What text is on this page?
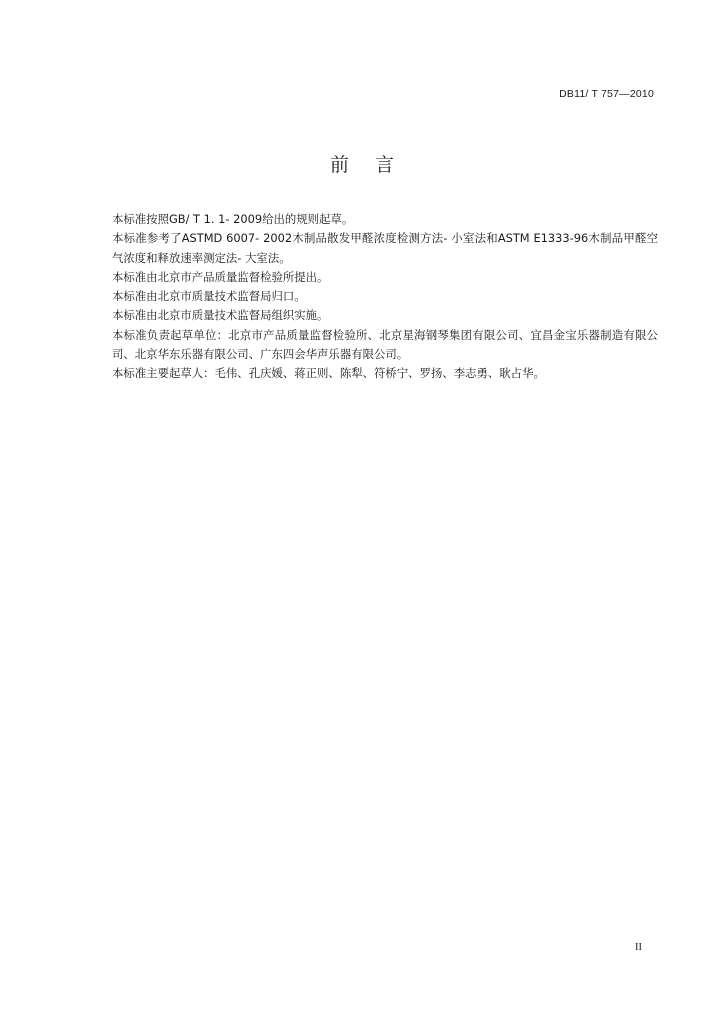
DB11/ T 757—2010
前言

本标准按照GB/ T 1. 1- 2009给出的规则起草。

本标准参考了ASTMD 6007- 2002木制品散发甲醛浓度检测方法- 小室法和ASTM E1333-96木制品甲醛空气浓度和释放速率测定法- 大室法。

本标准由北京市产品质量监督检验所提出。

本标准由北京市质量技术监督局归口。

本标准由北京市质量技术监督局组织实施。

本标准负责起草单位：北京市产品质量监督检验所、北京星海钢琴集团有限公司、宜昌金宝乐器制造有限公司、北京华东乐器有限公司、广东四会华声乐器有限公司。

本标准主要起草人：毛伟、孔庆媛、蒋正则、陈犁、符桥宁、罗扬、李志勇、耿占华。

II
